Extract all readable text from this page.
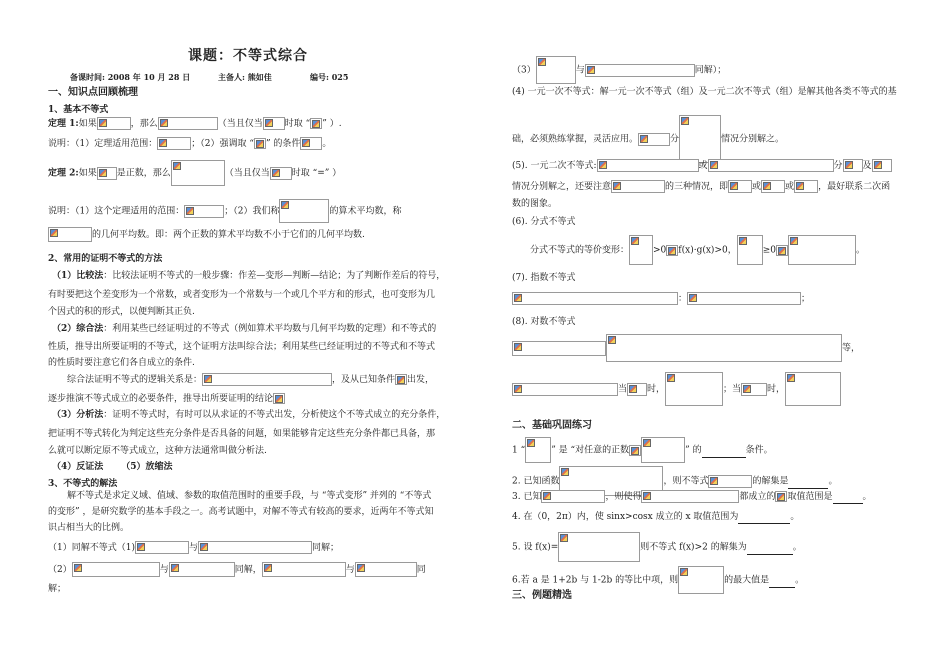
课题：不等式综合
备课时间: 2008 年 10 月 28 日	主备人: 熊如佳	编号: 025
一、知识点回顾梳理
1、基本不等式
定理 1:如果	，那么	（当且仅当 时取 “ ” ）.
说明：（1）定理适用范围：	；（2）强调取 “ ” 的条件 。
定理 2:如果 是正数，那么	（当且仅当 时取 “=” ）
说明：（1）这个定理适用的范围：	；（2）我们称	的算术平均数，称
的几何平均数。即：两个正数的算术平均数不小于它们的几何平均数.
2、常用的证明不等式的方法
（1）比较法：比较法证明不等式的一般步骤：作差—变形—判断—结论；为了判断作差后的符号，
有时要把这个差变形为一个常数，或者变形为一个常数与一个或几个平方和的形式，也可变形为几
个因式的积的形式，以便判断其正负.
（2）综合法：利用某些已经证明过的不等式（例如算术平均数与几何平均数的定理）和不等式的
性质，推导出所要证明的不等式，这个证明方法叫综合法；利用某些已经证明过的不等式和不等式
的性质时要注意它们各自成立的条件.
综合法证明不等式的逻辑关系是：	，及从已知条件 出发，
逐步推演不等式成立的必要条件，推导出所要证明的结论
（3）分析法：证明不等式时，有时可以从求证的不等式出发，分析使这个不等式成立的充分条件，
把证明不等式转化为判定这些充分条件是否具备的问题，如果能够肯定这些充分条件都已具备，那
么就可以断定原不等式成立，这种方法通常叫做分析法.
（4）反证法 （5）放缩法
3、不等式的解法
解不等式是求定义域、值域、参数的取值范围时的重要手段，与 “等式变形” 并列的 “不等式
的变形” ，是研究数学的基本手段之一。高考试题中，对解不等式有较高的要求，近两年不等式知
识占相当大的比例。
（1）同解不等式（1)	与	同解；
（2）	与	同解，	与	同
解；
（3）	与	同解）；
(4) 一元一次不等式：解一元一次不等式（组）及一元二次不等式（组）是解其他各类不等式的基
础，必须熟练掌握，灵活应用。	分	情况分别解之。
(5). 一元二次不等式:	或	分 及
情况分别解之，还要注意	的三种情况，即	或	或	，最好联系二次函
数的图象。
(6). 分式不等式
分式不等式的等价变形：	>0 f(x)·g(x)>0，	≥0	。
(7). 指数不等式
：	；
(8). 对数不等式
等，
当 时，	；当	时，
二、基础巩固练习
1 “	” 是 “对任意的正数	” 的	条件。
2. 已知函数	，则不等式	的解集是	。
3. 已知	，则使得	都成立的 取值范围是	。
4. 在（0，2π）内，使 sinx>cosx 成立的 x 取值范围为	。
5. 设 f(x)=	则不等式 f(x)>2 的解集为	。
6.若 a 是 1+2b 与 1-2b 的等比中项，则	的最大值是	。
三、例题精选
